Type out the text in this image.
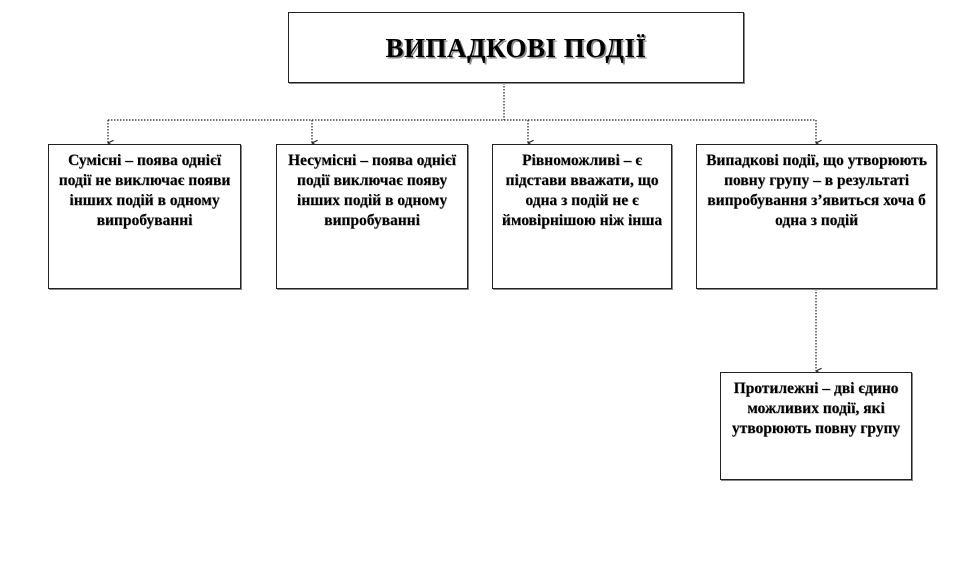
ВИПАДКОВІ ПОДІЇ
Сумісні – поява однієї події не виключає появи інших подій в одному випробуванні
Несумісні – поява однієї події виключає появу інших подій в одному випробуванні
Рівноможливі – є підстави вважати, що одна з подій не є ймовірнішою ніж інша
Випадкові події, що утворюють повну групу – в результаті випробування з’явиться хоча б одна з подій
Протилежні – дві єдино можливих події, які утворюють повну групу
